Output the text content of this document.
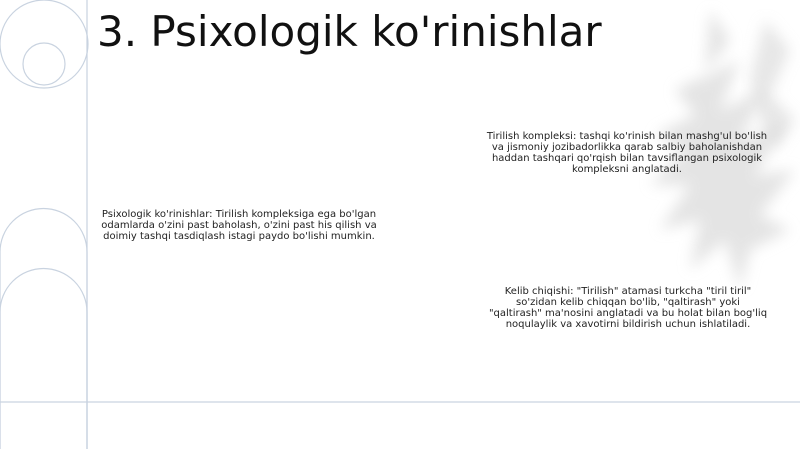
3. Psixologik ko'rinishlar

Psixologik ko'rinishlar: Tirilish kompleksiga ega bo'lgan odamlarda o'zini past baholash, o'zini past his qilish va doimiy tashqi tasdiqlash istagi paydo bo'lishi mumkin.

Tirilish kompleksi: tashqi ko'rinish bilan mashg'ul bo'lish va jismoniy jozibadorlikka qarab salbiy baholanishdan haddan tashqari qo'rqish bilan tavsiflangan psixologik kompleksni anglatadi.

Kelib chiqishi: "Tirilish" atamasi turkcha "tiril tiril" so'zidan kelib chiqqan bo'lib, "qaltirash" yoki "qaltirash" ma'nosini anglatadi va bu holat bilan bog'liq noqulaylik va xavotirni bildirish uchun ishlatiladi.
